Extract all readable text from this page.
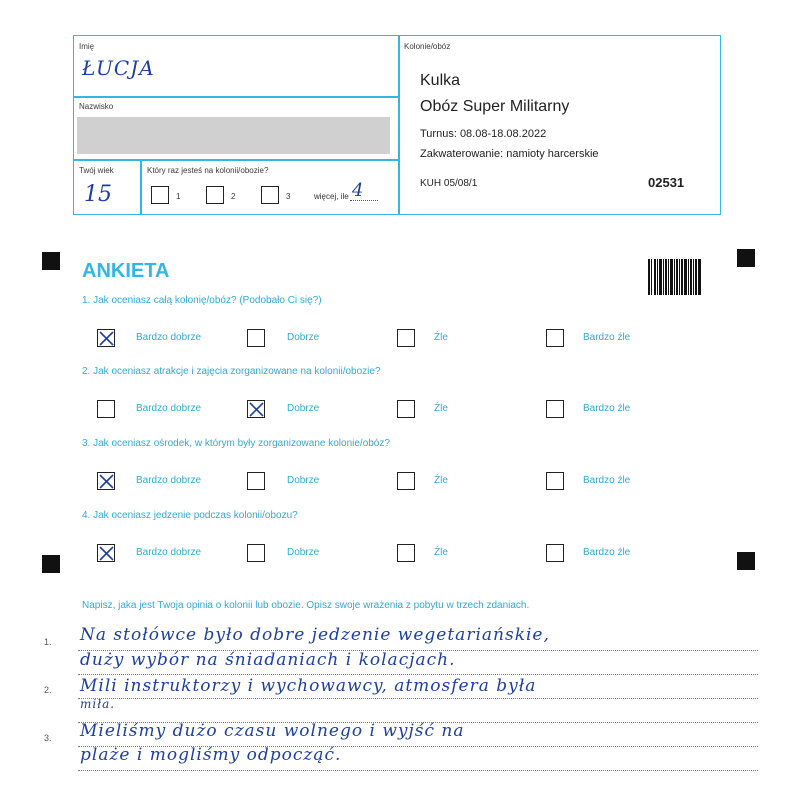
Imię
ŁUCJA
Nazwisko
Twój wiek
15
Który raz jesteś na kolonii/obozie?
1	2	3	więcej, ile 4
Kolonie/obóz
Kulka
Obóz Super Militarny
Turnus: 08.08-18.08.2022
Zakwaterowanie: namioty harcerskie
KUH 05/08/1	02531
ANKIETA
1. Jak oceniasz całą kolonię/obóz? (Podobało Ci się?)
Bardzo dobrze	Dobrze	Źle	Bardzo źle
2. Jak oceniasz atrakcje i zajęcia zorganizowane na kolonii/obozie?
Bardzo dobrze	Dobrze	Źle	Bardzo źle
3. Jak oceniasz ośrodek, w którym były zorganizowane kolonie/obóz?
Bardzo dobrze	Dobrze	Źle	Bardzo źle
4. Jak oceniasz jedzenie podczas kolonii/obozu?
Bardzo dobrze	Dobrze	Źle	Bardzo źle
Napisz, jaka jest Twoja opinia o kolonii lub obozie. Opisz swoje wrażenia z pobytu w trzech zdaniach.
1.
2.
3.
Na stołówce było dobre jedzenie wegetariańskie,
duży wybór na śniadaniach i kolacjach.
Mili instruktorzy i wychowawcy, atmosfera była
miła.
Mieliśmy dużo czasu wolnego i wyjść na
plaże i mogliśmy odpocząć.
